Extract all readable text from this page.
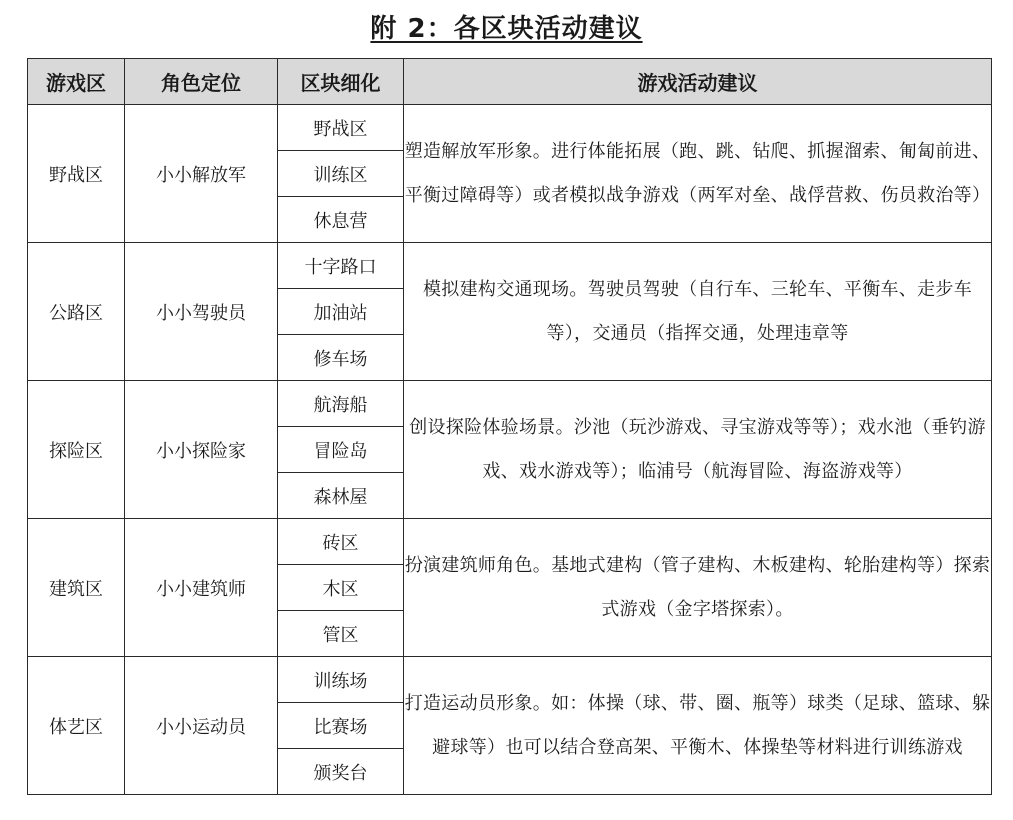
附 2：各区块活动建议
游戏区	角色定位	区块细化	游戏活动建议
野战区	小小解放军	野战区	塑造解放军形象。进行体能拓展（跑、跳、钻爬、抓握溜索、匍匐前进、平衡过障碍等）或者模拟战争游戏（两军对垒、战俘营救、伤员救治等）
		训练区	
		休息营	
公路区	小小驾驶员	十字路口	模拟建构交通现场。驾驶员驾驶（自行车、三轮车、平衡车、走步车等），交通员（指挥交通，处理违章等
		加油站	
		修车场	
探险区	小小探险家	航海船	创设探险体验场景。沙池（玩沙游戏、寻宝游戏等等）；戏水池（垂钓游戏、戏水游戏等）；临浦号（航海冒险、海盗游戏等）
		冒险岛	
		森林屋	
建筑区	小小建筑师	砖区	扮演建筑师角色。基地式建构（管子建构、木板建构、轮胎建构等）探索式游戏（金字塔探索）。
		木区	
		管区	
体艺区	小小运动员	训练场	打造运动员形象。如：体操（球、带、圈、瓶等）球类（足球、篮球、躲避球等）也可以结合登高架、平衡木、体操垫等材料进行训练游戏
		比赛场	
		颁奖台	
